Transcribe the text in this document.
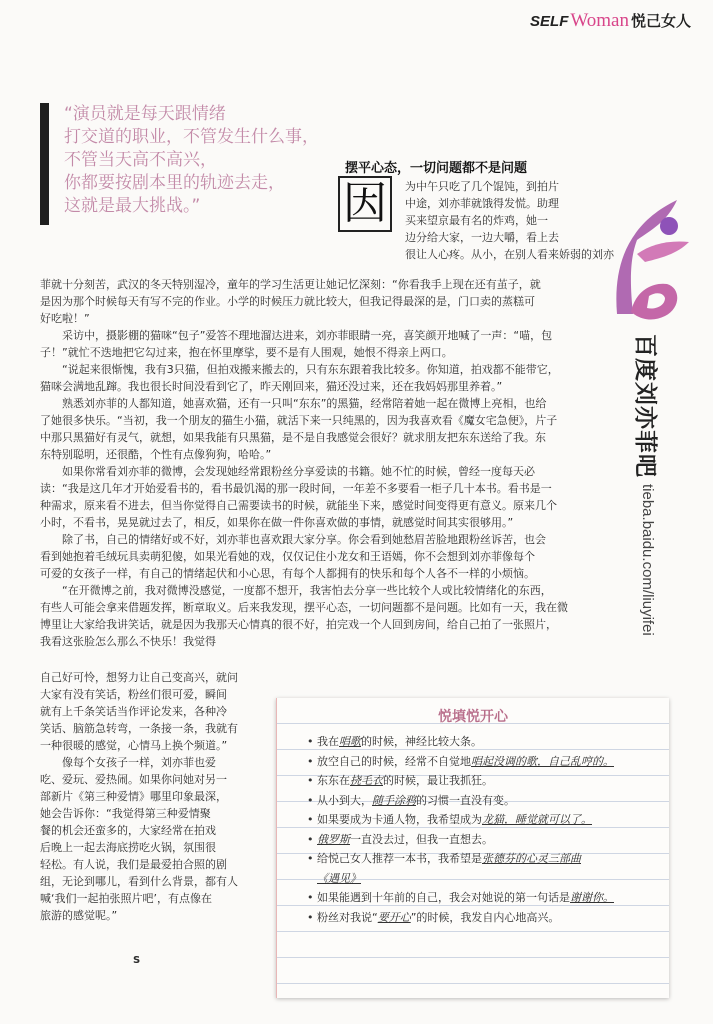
SELF Woman 悦己女人
“演员就是每天跟情绪
打交道的职业，不管发生什么事，
不管当天高不高兴，
你都要按剧本里的轨迹去走，
这就是最大挑战。”
摆平心态，一切问题都不是问题
因	为中午只吃了几个馄饨，到拍片
中途，刘亦菲就饿得发慌。助理
买来望京最有名的炸鸡，她一
边分给大家，一边大嚼，看上去
很让人心疼。从小，在别人看来娇弱的刘亦
菲就十分刻苦，武汉的冬天特别湿冷，童年的学习生活更让她记忆深刻：“你看我手上现在还有茧子，就
是因为那个时候每天有写不完的作业。小学的时候压力就比较大，但我记得最深的是，门口卖的蒸糕可
好吃啦！”
　　采访中，摄影棚的猫咪“包子”爱答不理地溜达进来，刘亦菲眼睛一亮，喜笑颜开地喊了一声：“喵，包
子！”就忙不迭地把它勾过来，抱在怀里摩挲，要不是有人围观，她恨不得亲上两口。
　　“说起来很惭愧，我有3只猫，但拍戏搬来搬去的，只有东东跟着我比较多。你知道，拍戏都不能带它，
猫咪会满地乱蹿。我也很长时间没看到它了，昨天刚回来，猫还没过来，还在我妈妈那里养着。”
　　熟悉刘亦菲的人都知道，她喜欢猫，还有一只叫“东东”的黑猫，经常陪着她一起在微博上亮相，也给
了她很多快乐。“当初，我一个朋友的猫生小猫，就活下来一只纯黑的，因为我喜欢看《魔女宅急便》，片子
中那只黑猫好有灵气，就想，如果我能有只黑猫，是不是自我感觉会很好？就求朋友把东东送给了我。东
东特别聪明，还很酷，个性有点像狗狗，哈哈。”
　　如果你常看刘亦菲的微博，会发现她经常跟粉丝分享爱读的书籍。她不忙的时候，曾经一度每天必
读：“我是这几年才开始爱看书的，看书最饥渴的那一段时间，一年差不多要看一柜子几十本书。看书是一
种需求，原来看不进去，但当你觉得自己需要读书的时候，就能坐下来，感觉时间变得更有意义。原来几个
小时，不看书，晃晃就过去了，相反，如果你在做一件你喜欢做的事情，就感觉时间其实很够用。”
　　除了书，自己的情绪好或不好，刘亦菲也喜欢跟大家分享。你会看到她愁眉苦脸地跟粉丝诉苦，也会
看到她抱着毛绒玩具卖萌犯傻，如果光看她的戏，仅仅记住小龙女和王语嫣，你不会想到刘亦菲像每个
可爱的女孩子一样，有自己的情绪起伏和小心思，有每个人都拥有的快乐和每个人各不一样的小烦恼。
　　“在开微博之前，我对微博没感觉，一度都不想开，我害怕去分享一些比较个人或比较情绪化的东西，
有些人可能会拿来借题发挥，断章取义。后来我发现，摆平心态，一切问题都不是问题。比如有一天，我在微
博里让大家给我讲笑话，就是因为我那天心情真的很不好，拍完戏一个人回到房间，给自己拍了一张照片，
我看这张脸怎么那么不快乐！我觉得
自己好可怜，想努力让自己变高兴，就问
大家有没有笑话，粉丝们很可爱，瞬间
就有上千条笑话当作评论发来，各种冷
笑话、脑筋急转弯，一条接一条，我就有
一种很暖的感觉，心情马上换个频道。”
　　像每个女孩子一样，刘亦菲也爱
吃、爱玩、爱热闹。如果你问她对另一
部新片《第三种爱情》哪里印象最深，
她会告诉你：“我觉得第三种爱情聚
餐的机会还蛮多的，大家经常在拍戏
后晚上一起去海底捞吃火锅，氛围很
轻松。有人说，我们是最爱拍合照的剧
组，无论到哪儿，看到什么背景，都有人
喊‘我们一起拍张照片吧’，有点像在
旅游的感觉呢。”
S
百度刘亦菲吧
tieba.baidu.com/liuyifei
悦填悦开心
• 我在唱歌的时候，神经比较大条。
• 放空自己的时候，经常不自觉地唱起没调的歌，自己乱哼的。
• 东东在挠毛衣的时候，最让我抓狂。
• 从小到大，随手涂鸦的习惯一直没有变。
• 如果要成为卡通人物，我希望成为龙猫，睡觉就可以了。
• 俄罗斯一直没去过，但我一直想去。
• 给悦己女人推荐一本书，我希望是张德芬的心灵三部曲
《遇见》
• 如果能遇到十年前的自己，我会对她说的第一句话是谢谢你。
• 粉丝对我说“要开心”的时候，我发自内心地高兴。
